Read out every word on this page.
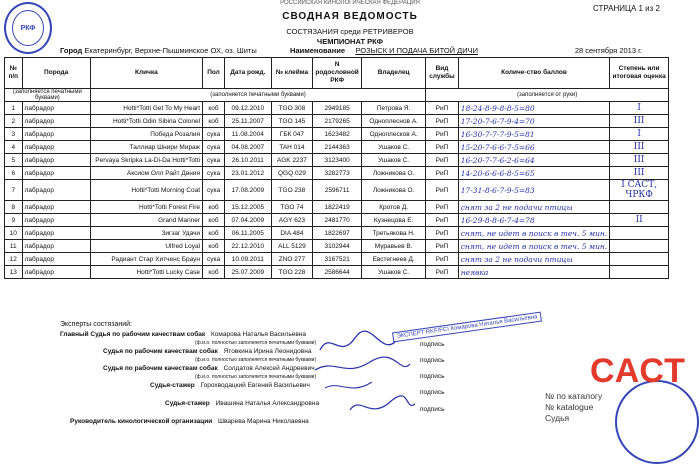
РОССИЙСКАЯ КИНОЛОГИЧЕСКАЯ ФЕДЕРАЦИЯ
РКФ
СТРАНИЦА 1 из 2
СВОДНАЯ ВЕДОМОСТЬ
СОСТЯЗАНИЯ среди РЕТРИВЕРОВ
ЧЕМПИОНАТ РКФ
Город Екатеринбург, Верхне-Пышминское ОХ, оз. Шиты	Наименование РОЗЫСК И ПОДАЧА БИТОЙ ДИЧИ	28 сентября 2013 г.
№ п/п	Порода	Кличка	Пол	Дата рожд.	№ клейма	N родословной РКФ	Владелец	Вид службы	Количе-ство баллов	Степень или итоговая оценка
(заполняется печатными буквами)		(заполняется печатными буквами)						(заполняется от руки)		
1	лабрадор	Hotti*Totti Get To My Heart	коб	09.12.2010	TGO 308	2949185	Петрова Я.	РиП	18-24-8-9-8-8-5=80	I
2	лабрадор	Hotti*Totti Odin Sibiria Colonel	коб	25.11.2007	TGO 145	2179265	Одноплеснов А.	РиП	17-20-7-6-7-9-4=70	III
3	лабрадор	Победа Розалия	сука	11.08.2004	ГБК 047	1623482	Одноплесков А.	РиП	16-30-7-7-7-9-5=81	I
4	лабрадор	Таллиар Шнири Мираж	сука	04.08.2007	TAH 014	2144363	Ушаков С.	РиП	15-20-7-6-6-7-5=66	III
5	лабрадор	Pervaya Skripka La-Di-Da Hotti*Totti	сука	26.10.2011	AGK 2237	3123400	Ушаков С.	РиП	16-20-7-7-6-2-6=64	III
6	лабрадор	Аксиом Олл Райт Двния	сука	23.01.2012	QGQ 029	3282773	Ложникова О.	РиП	14-20-6-6-6-8-5=65	III
7	лабрадор	Hotti*Totti Morning Coat	сука	17.08.2009	TGO 238	2596711	Ложникова О.	РиП	17-31-8-6-7-9-5=83	I САСТ, ЧРКФ
8	лабрадор	Hotti*Totti Forest Fire	коб	15.12.2005	TGO 74	1822419	Кротов Д.	РиП	снят за 2 не подачи птицы	
9	лабрадор	Grand Mariner	коб	07.04.2009	AGY 623	2481770	Кузнецова Е.	РиП	16-29-8-8-6-7-4=78	II
10	лабрадор	Зигзаг Удачи	коб	06.11.2005	DIA 484	1822697	Третьякова Н.	РиП	снят, не идет в поиск в теч. 5 мин.	
11	лабрадор	Ulfred Loyal	коб	22.12.2010	ALL 5129	3102944	Муравьев В.	РиП	снят, не идет в поиск в теч. 5 мин.	
12	лабрадор	Радиант Стар Хитченс Браун	сука	10.09.2011	ZNO 277	3167521	Евстегнеев Д.	РиП	снят за 2 не подачи птицы	
13	лабрадор	Hotti*Totti Lucky Case	коб	25.07.2009	TGO 228	2586644	Ушаков С.	РиП	неявка	
Эксперты состязаний:
Главный Судья по рабочим качествам собак Комарова Наталья Васильевна
(ф.и.о. полностью заполняется печатными буквами)
ЭКСПЕРТ RKF/FCI Комарова Наталья Васильевна
подпись
Судья по рабочим качествам собак Ятовкина Ирина Леонидовна
(ф.и.о. полностью заполняется печатными буквами)	подпись
Судья по рабочим качествам собак Солдатов Алексей Андреевич
(ф.и.о. полностью заполняется печатными буквами)	подпись
Судья-стажер Горохводацкий Евгений Васильевич
подпись
Судья-стажер Ивашина Наталья Александровна
подпись
Руководитель кинологической организации Шварева Марина Николаевна
САСТ
№ по каталогу
№ katalogue
Судья
